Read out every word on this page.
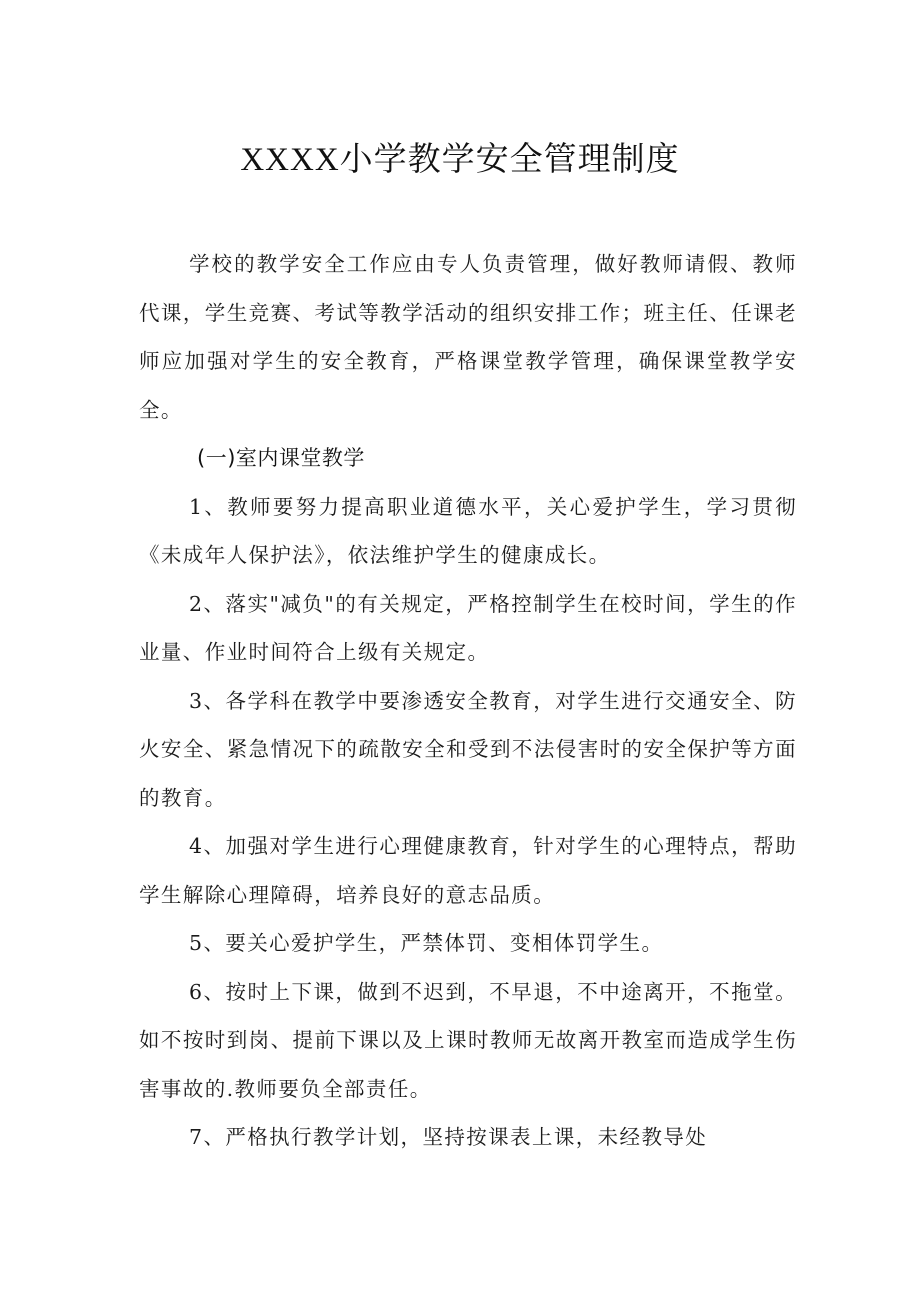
XXXX小学教学安全管理制度

学校的教学安全工作应由专人负责管理，做好教师请假、教师代课，学生竞赛、考试等教学活动的组织安排工作；班主任、任课老师应加强对学生的安全教育，严格课堂教学管理，确保课堂教学安全。

(一)室内课堂教学

1、教师要努力提高职业道德水平，关心爱护学生，学习贯彻《未成年人保护法》，依法维护学生的健康成长。

2、落实"减负"的有关规定，严格控制学生在校时间，学生的作业量、作业时间符合上级有关规定。

3、各学科在教学中要渗透安全教育，对学生进行交通安全、防火安全、紧急情况下的疏散安全和受到不法侵害时的安全保护等方面的教育。

4、加强对学生进行心理健康教育，针对学生的心理特点，帮助学生解除心理障碍，培养良好的意志品质。

5、要关心爱护学生，严禁体罚、变相体罚学生。

6、按时上下课，做到不迟到，不早退，不中途离开，不拖堂。如不按时到岗、提前下课以及上课时教师无故离开教室而造成学生伤害事故的.教师要负全部责任。

7、严格执行教学计划，坚持按课表上课，未经教导处
